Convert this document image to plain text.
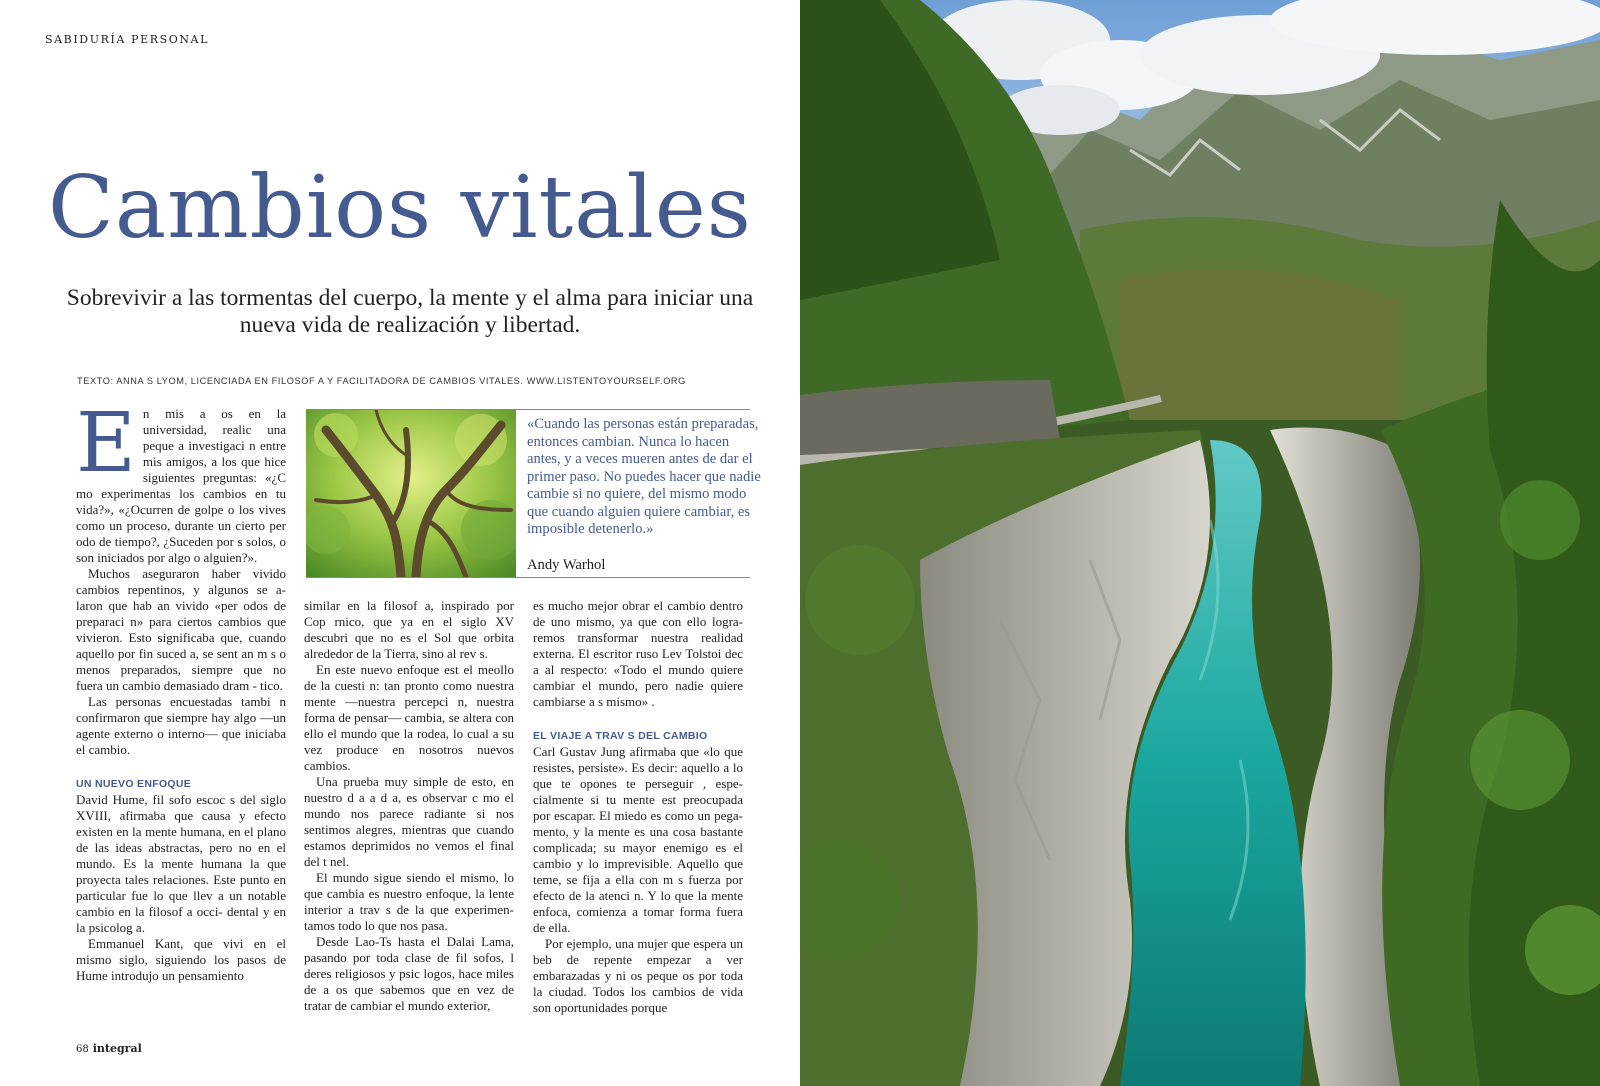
SABIDURÍA PERSONAL
Cambios vitales

Sobrevivir a las tormentas del cuerpo, la mente y el alma para iniciar una nueva vida de realización y libertad.

TEXTO: ANNA S LYOM, LICENCIADA EN FILOSOF A Y FACILITADORA DE CAMBIOS VITALES. WWW.LISTENTOYOURSELF.ORG
E n mis a os en la universidad, realic una peque a investigaci n entre mis amigos, a los que hice siguientes preguntas: «¿C mo experimentas los cambios en tu vida?», «¿Ocurren de golpe o los vives como un proceso, durante un cierto per odo de tiempo?, ¿Suceden por s solos, o son iniciados por algo o alguien?».

Muchos aseguraron haber vivido cambios repentinos, y algunos se a- laron que hab an vivido «per odos de preparaci n» para ciertos cambios que vivieron. Esto significaba que, cuando aquello por fin suced a, se sent an m s o menos preparados, siempre que no fuera un cambio demasiado dram - tico.

Las personas encuestadas tambi n confirmaron que siempre hay algo —un agente externo o interno— que iniciaba el cambio.

UN NUEVO ENFOQUE

David Hume, fil sofo escoc s del siglo XVIII, afirmaba que causa y efecto existen en la mente humana, en el plano de las ideas abstractas, pero no en el mundo. Es la mente humana la que proyecta tales relaciones. Este punto en particular fue lo que llev a un notable cambio en la filosof a occi- dental y en la psicolog a.

Emmanuel Kant, que vivi en el mismo siglo, siguiendo los pasos de Hume introdujo un pensamiento

«Cuando las personas están preparadas, entonces cambian. Nunca lo hacen antes, y a veces mueren antes de dar el primer paso. No puedes hacer que nadie cambie si no quiere, del mismo modo que cuando alguien quiere cambiar, es imposible detenerlo.»

Andy Warhol

similar en la filosof a, inspirado por Cop rnico, que ya en el siglo XV descubri que no es el Sol que orbita alrededor de la Tierra, sino al rev s.

En este nuevo enfoque est el meollo de la cuesti n: tan pronto como nuestra mente —nuestra percepci n, nuestra forma de pensar— cambia, se altera con ello el mundo que la rodea, lo cual a su vez produce en nosotros nuevos cambios.

Una prueba muy simple de esto, en nuestro d a a d a, es observar c mo el mundo nos parece radiante si nos sentimos alegres, mientras que cuando estamos deprimidos no vemos el final del t nel.

El mundo sigue siendo el mismo, lo que cambia es nuestro enfoque, la lente interior a trav s de la que experimen- tamos todo lo que nos pasa.

Desde Lao-Ts hasta el Dalai Lama, pasando por toda clase de fil sofos, l deres religiosos y psic logos, hace miles de a os que sabemos que en vez de tratar de cambiar el mundo exterior,

es mucho mejor obrar el cambio dentro de uno mismo, ya que con ello logra- remos transformar nuestra realidad externa. El escritor ruso Lev Tolstoi dec a al respecto: «Todo el mundo quiere cambiar el mundo, pero nadie quiere cambiarse a s mismo» .

EL VIAJE A TRAV S DEL CAMBIO

Carl Gustav Jung afirmaba que «lo que resistes, persiste». Es decir: aquello a lo que te opones te perseguir , espe- cialmente si tu mente est preocupada por escapar. El miedo es como un pega- mento, y la mente es una cosa bastante complicada; su mayor enemigo es el cambio y lo imprevisible. Aquello que teme, se fija a ella con m s fuerza por efecto de la atenci n. Y lo que la mente enfoca, comienza a tomar forma fuera de ella.

Por ejemplo, una mujer que espera un beb de repente empezar a ver embarazadas y ni os peque os por toda la ciudad. Todos los cambios de vida son oportunidades porque

68 integral
